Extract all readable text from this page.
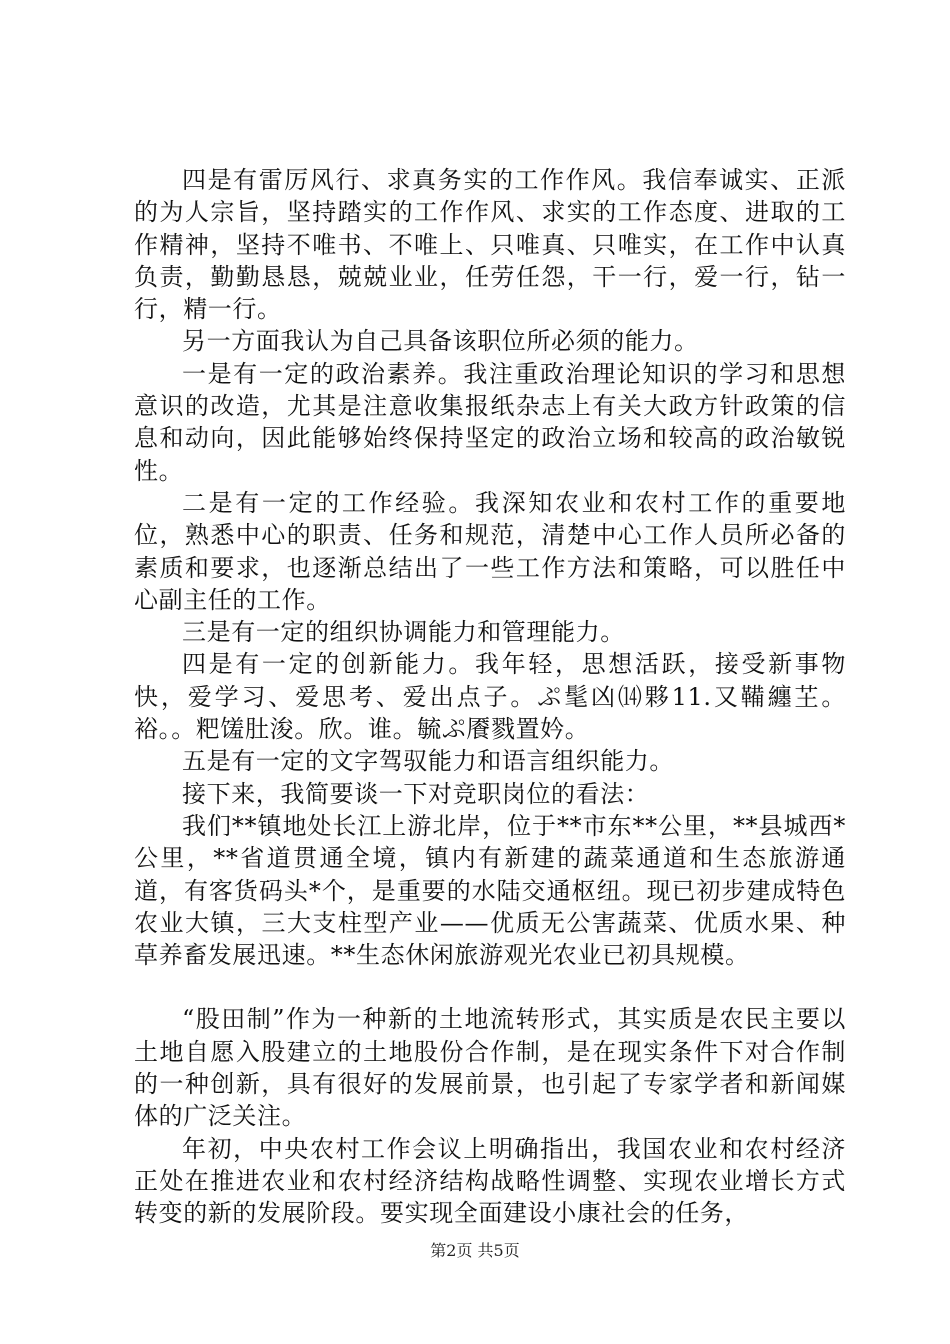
四是有雷厉风行、求真务实的工作作风。我信奉诚实、正派的为人宗旨，坚持踏实的工作作风、求实的工作态度、进取的工作精神，坚持不唯书、不唯上、只唯真、只唯实，在工作中认真负责，勤勤恳恳，兢兢业业，任劳任怨，干一行，爱一行，钻一行，精一行。

另一方面我认为自己具备该职位所必须的能力。

一是有一定的政治素养。我注重政治理论知识的学习和思想意识的改造，尤其是注意收集报纸杂志上有关大政方针政策的信息和动向，因此能够始终保持坚定的政治立场和较高的政治敏锐性。

二是有一定的工作经验。我深知农业和农村工作的重要地位，熟悉中心的职责、任务和规范，清楚中心工作人员所必备的素质和要求，也逐渐总结出了一些工作方法和策略，可以胜任中心副主任的工作。

三是有一定的组织协调能力和管理能力。

四是有一定的创新能力。我年轻，思想活跃，接受新事物快，爱学习、爱思考、爱出点子。ぷ髦凶⒁夥11.又鞴纏芏。裕。。粑馐肚浚。欣。谁。毓ぷ餍戮置妗。

五是有一定的文字驾驭能力和语言组织能力。

接下来，我简要谈一下对竞职岗位的看法：

我们**镇地处长江上游北岸，位于**市东**公里，**县城西*公里，**省道贯通全境，镇内有新建的蔬菜通道和生态旅游通道，有客货码头*个，是重要的水陆交通枢纽。现已初步建成特色农业大镇，三大支柱型产业——优质无公害蔬菜、优质水果、种草养畜发展迅速。**生态休闲旅游观光农业已初具规模。

“股田制”作为一种新的土地流转形式，其实质是农民主要以土地自愿入股建立的土地股份合作制，是在现实条件下对合作制的一种创新，具有很好的发展前景，也引起了专家学者和新闻媒体的广泛关注。

年初，中央农村工作会议上明确指出，我国农业和农村经济正处在推进农业和农村经济结构战略性调整、实现农业增长方式转变的新的发展阶段。要实现全面建设小康社会的任务，

第2页 共5页
